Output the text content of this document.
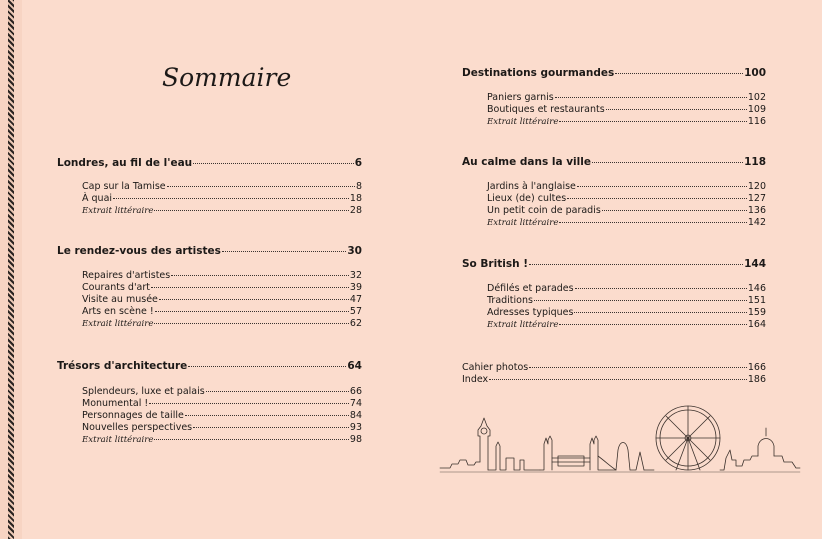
Sommaire
Londres, au fil de l'eau	6
Cap sur la Tamise	8
À quai	18
Extrait littéraire	28
Le rendez-vous des artistes	30
Repaires d'artistes	32
Courants d'art	39
Visite au musée	47
Arts en scène !	57
Extrait littéraire	62
Trésors d'architecture	64
Splendeurs, luxe et palais	66
Monumental !	74
Personnages de taille	84
Nouvelles perspectives	93
Extrait littéraire	98
Destinations gourmandes	100
Paniers garnis	102
Boutiques et restaurants	109
Extrait littéraire	116
Au calme dans la ville	118
Jardins à l'anglaise	120
Lieux (de) cultes	127
Un petit coin de paradis	136
Extrait littéraire	142
So British !	144
Défilés et parades	146
Traditions	151
Adresses typiques	159
Extrait littéraire	164
Cahier photos	166
Index	186
